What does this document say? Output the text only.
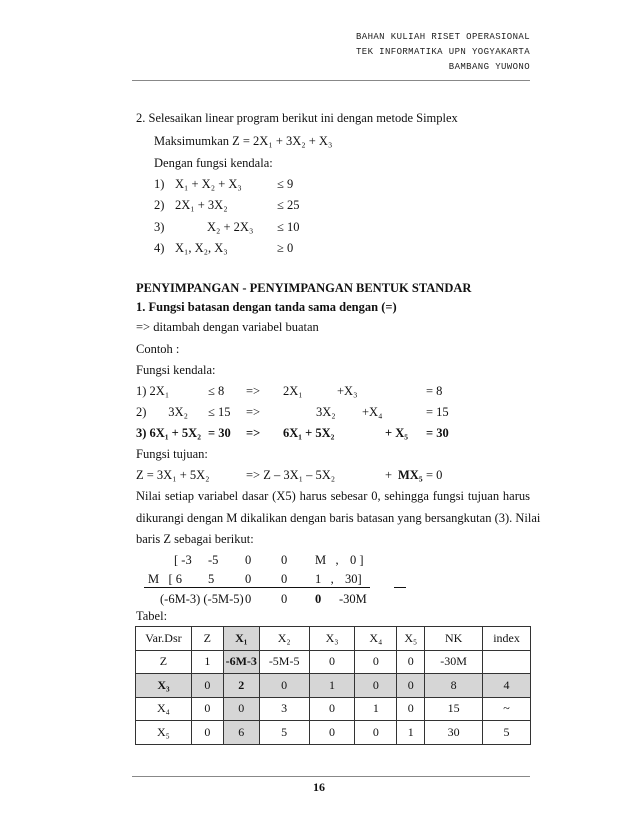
BAHAN KULIAH RISET OPERASIONAL
TEK INFORMATIKA UPN YOGYAKARTA
BAMBANG YUWONO
2. Selesaikan linear program berikut ini dengan metode Simplex
Maksimumkan Z = 2X₁ + 3X₂ + X₃
Dengan fungsi kendala:
1) X₁ + X₂ + X₃	≤ 9
2) 2X₁ + 3X₂	≤ 25
3)	X₂ + 2X₃ ≤ 10
4) X₁, X₂, X₃	≥ 0
PENYIMPANGAN - PENYIMPANGAN BENTUK STANDAR
1. Fungsi batasan dengan tanda sama dengan (=)
=> ditambah dengan variabel buatan
Contoh :
Fungsi kendala:
1) 2X₁	≤ 8 => 2X₁	+X₃	= 8
2)       3X₂ ≤ 15 =>	3X₂ +X₄	= 15
3) 6X₁ + 5X₂ = 30 => 6X₁ + 5X₂	+ X₅ = 30
Fungsi tujuan:
Z = 3X₁ + 5X₂	=> Z – 3X₁ – 5X₂	+ MX₅ = 0
Nilai setiap variabel dasar (X5) harus sebesar 0, sehingga fungsi tujuan harus
dikurangi dengan M dikalikan dengan baris batasan yang bersangkutan (3). Nilai
baris Z sebagai berikut:
[ -3 -5 0 0 M   , 0 ]
M   [ 6 5 0 0 1   , 30]
(-6M-3) (-5M-5) 0 0 0 -30M
Tabel:
Var.Dsr	Z	X₁	X₂	X₃	X₄	X₅	NK	index
Z	1	-6M-3	-5M-5	0	0	0	-30M	
X₃	0	2	0	1	0	0	8	4
X₄	0	0	3	0	1	0	15	~
X₅	0	6	5	0	0	1	30	5
16
